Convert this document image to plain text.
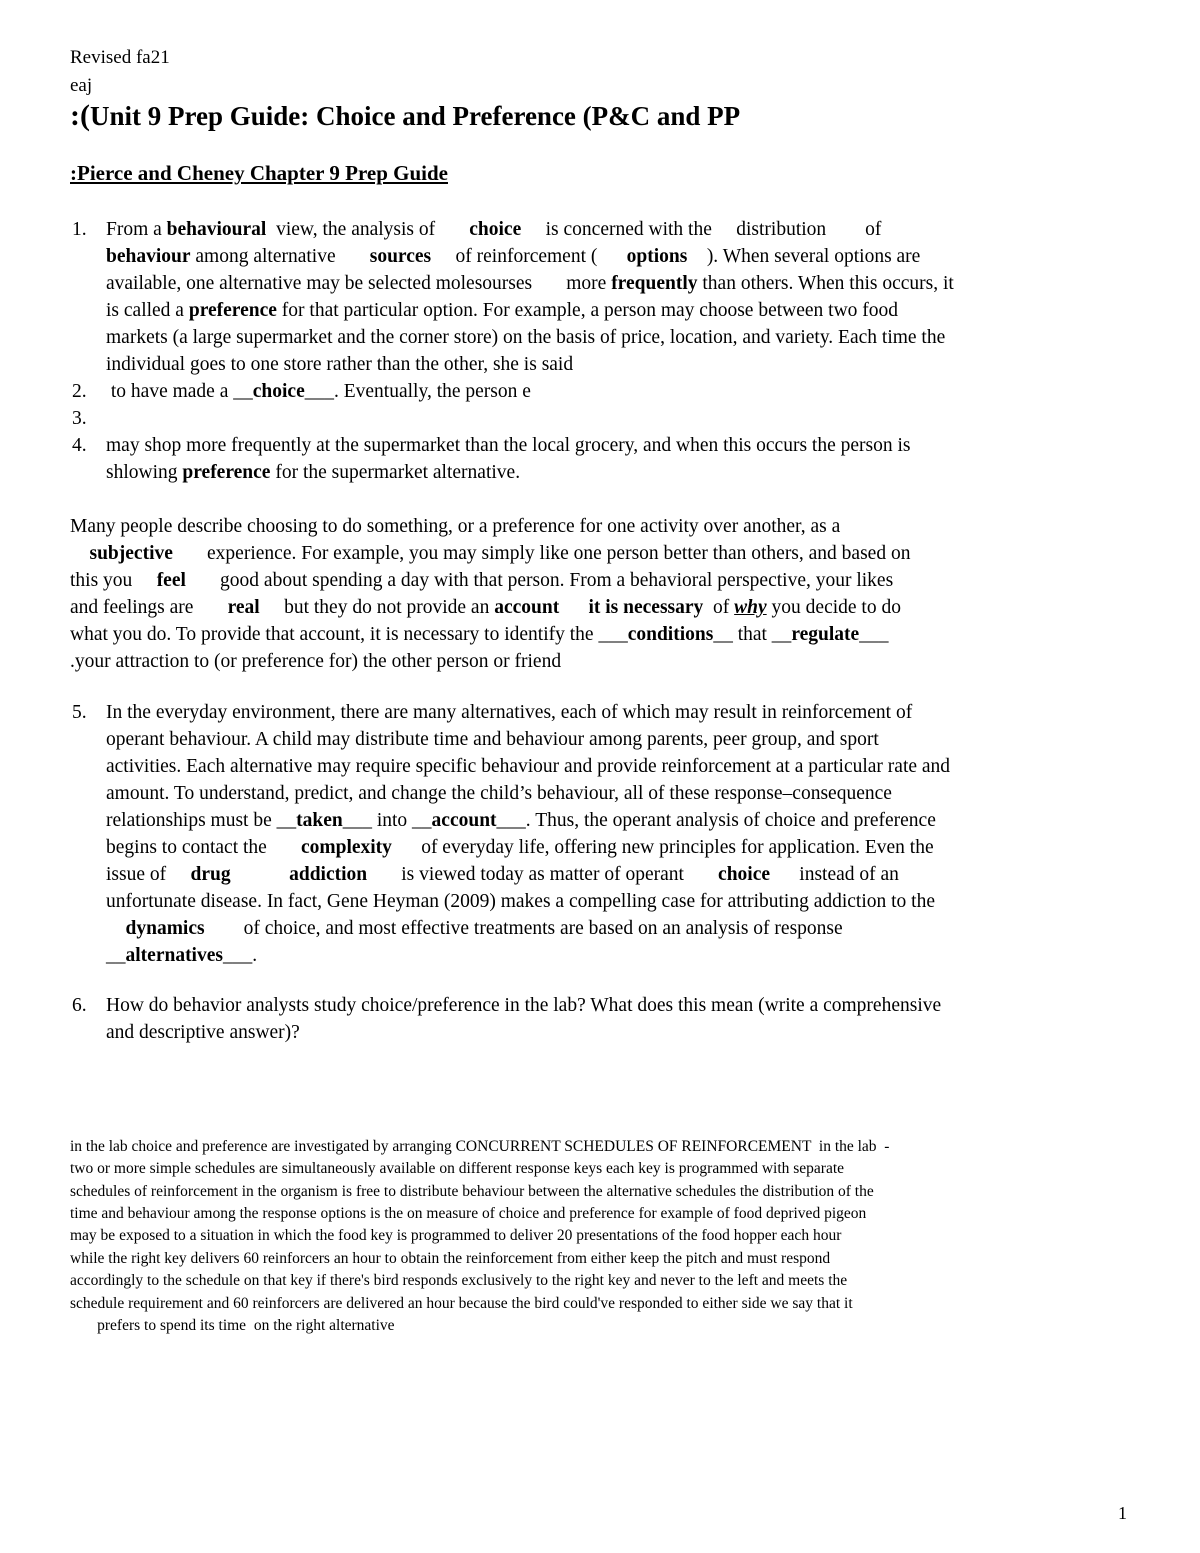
Revised fa21
eaj
:(Unit 9 Prep Guide: Choice and Preference (P&C and PP
:Pierce and Cheney Chapter 9 Prep Guide
1. From a behavioural  view, the analysis of       choice     is concerned with the     distribution        of
behaviour among alternative       sources     of reinforcement (      options    ). When several options are
available, one alternative may be selected molesourses       more frequently than others. When this occurs, it
is called a preference for that particular option. For example, a person may choose between two food
markets (a large supermarket and the corner store) on the basis of price, location, and variety. Each time the
individual goes to one store rather than the other, she is said
2. to have made a __choice___. Eventually, the person e
3.
4. may shop more frequently at the supermarket than the local grocery, and when this occurs the person is
shlowing preference for the supermarket alternative.
Many people describe choosing to do something, or a preference for one activity over another, as a
subjective       experience. For example, you may simply like one person better than others, and based on
this you     feel       good about spending a day with that person. From a behavioral perspective, your likes
and feelings are       real     but they do not provide an account it is necessary  of why you decide to do
what you do. To provide that account, it is necessary to identify the ___conditions__ that __regulate___
.your attraction to (or preference for) the other person or friend
5. In the everyday environment, there are many alternatives, each of which may result in reinforcement of
operant behaviour. A child may distribute time and behaviour among parents, peer group, and sport
activities. Each alternative may require specific behaviour and provide reinforcement at a particular rate and
amount. To understand, predict, and change the child’s behaviour, all of these response–consequence
relationships must be __taken___ into __account___. Thus, the operant analysis of choice and preference
begins to contact the       complexity      of everyday life, offering new principles for application. Even the
issue of     drug	addiction       is viewed today as matter of operant       choice      instead of an
unfortunate disease. In fact, Gene Heyman (2009) makes a compelling case for attributing addiction to the
dynamics        of choice, and most effective treatments are based on an analysis of response
__alternatives___.
6. How do behavior analysts study choice/preference in the lab? What does this mean (write a comprehensive
and descriptive answer)?
in the lab choice and preference are investigated by arranging CONCURRENT SCHEDULES OF REINFORCEMENT  in the lab  -
two or more simple schedules are simultaneously available on different response keys each key is programmed with separate
schedules of reinforcement in the organism is free to distribute behaviour between the alternative schedules the distribution of the
time and behaviour among the response options is the on measure of choice and preference for example of food deprived pigeon
may be exposed to a situation in which the food key is programmed to deliver 20 presentations of the food hopper each hour
while the right key delivers 60 reinforcers an hour to obtain the reinforcement from either keep the pitch and must respond
accordingly to the schedule on that key if there's bird responds exclusively to the right key and never to the left and meets the
schedule requirement and 60 reinforcers are delivered an hour because the bird could've responded to either side we say that it
prefers to spend its time  on the right alternative
1
